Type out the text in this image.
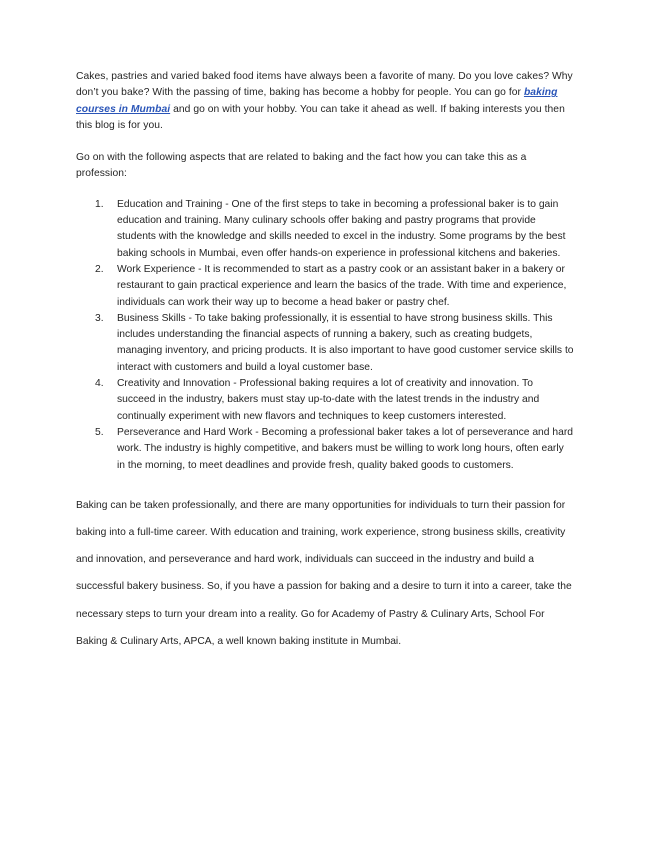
Cakes, pastries and varied baked food items have always been a favorite of many. Do you love cakes? Why don’t you bake? With the passing of time, baking has become a hobby for people. You can go for baking courses in Mumbai and go on with your hobby. You can take it ahead as well. If baking interests you then this blog is for you.

Go on with the following aspects that are related to baking and the fact how you can take this as a profession:

Education and Training - One of the first steps to take in becoming a professional baker is to gain education and training. Many culinary schools offer baking and pastry programs that provide students with the knowledge and skills needed to excel in the industry. Some programs by the best baking schools in Mumbai, even offer hands-on experience in professional kitchens and bakeries.
Work Experience - It is recommended to start as a pastry cook or an assistant baker in a bakery or restaurant to gain practical experience and learn the basics of the trade. With time and experience, individuals can work their way up to become a head baker or pastry chef.
Business Skills - To take baking professionally, it is essential to have strong business skills. This includes understanding the financial aspects of running a bakery, such as creating budgets, managing inventory, and pricing products. It is also important to have good customer service skills to interact with customers and build a loyal customer base.
Creativity and Innovation - Professional baking requires a lot of creativity and innovation. To succeed in the industry, bakers must stay up-to-date with the latest trends in the industry and continually experiment with new flavors and techniques to keep customers interested.
Perseverance and Hard Work - Becoming a professional baker takes a lot of perseverance and hard work. The industry is highly competitive, and bakers must be willing to work long hours, often early in the morning, to meet deadlines and provide fresh, quality baked goods to customers.

Baking can be taken professionally, and there are many opportunities for individuals to turn their passion for baking into a full-time career. With education and training, work experience, strong business skills, creativity and innovation, and perseverance and hard work, individuals can succeed in the industry and build a successful bakery business. So, if you have a passion for baking and a desire to turn it into a career, take the necessary steps to turn your dream into a reality. Go for Academy of Pastry & Culinary Arts, School For Baking & Culinary Arts, APCA, a well known baking institute in Mumbai.
